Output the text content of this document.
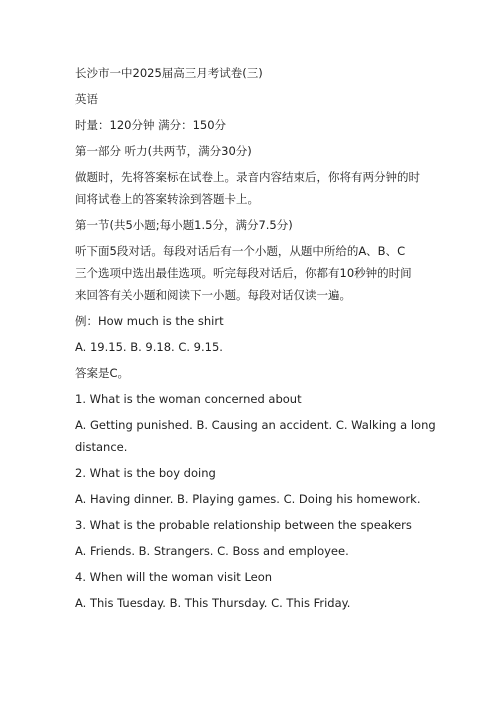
长沙市一中2025届高三月考试卷(三)

英语

时量：120分钟 满分：150分

第一部分 听力(共两节，满分30分)

做题时，先将答案标在试卷上。录音内容结束后，你将有两分钟的时

间将试卷上的答案转涂到答题卡上。

第一节(共5小题;每小题1.5分，满分7.5分)

听下面5段对话。每段对话后有一个小题，从题中所给的A、B、C

三个选项中选出最佳选项。听完每段对话后，你都有10秒钟的时间

来回答有关小题和阅读下一小题。每段对话仅读一遍。

例：How much is the shirt

A. 19.15. B. 9.18. C. 9.15.

答案是C。

1. What is the woman concerned about

A. Getting punished. B. Causing an accident. C. Walking a long

distance.

2. What is the boy doing

A. Having dinner. B. Playing games. C. Doing his homework.

3. What is the probable relationship between the speakers

A. Friends. B. Strangers. C. Boss and employee.

4. When will the woman visit Leon

A. This Tuesday. B. This Thursday. C. This Friday.
